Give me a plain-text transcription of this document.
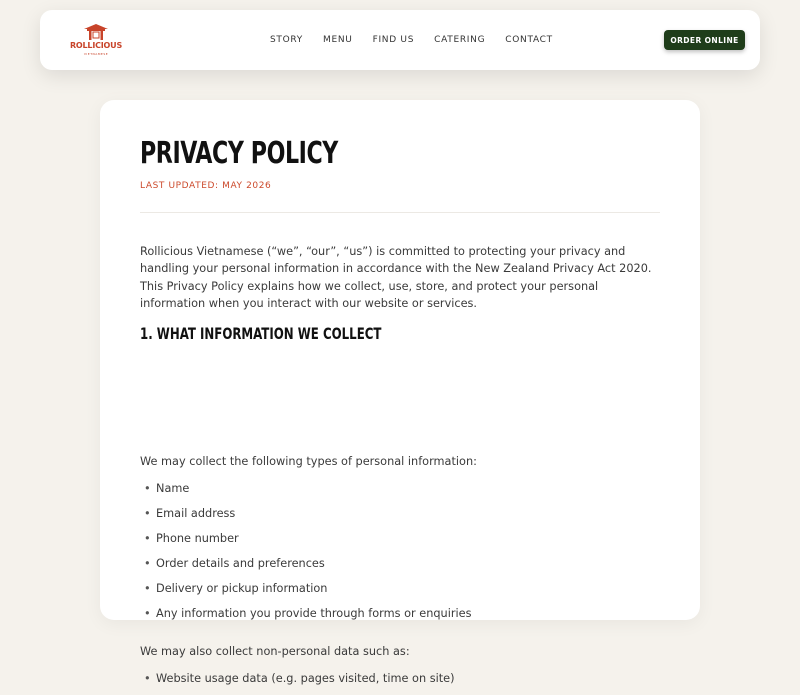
ROLLICIOUS
VIETNAMESE
STORY MENU FIND US CATERING CONTACT	ORDER ONLINE
PRIVACY POLICY
LAST UPDATED: MAY 2026

Rollicious Vietnamese (“we”, “our”, “us”) is committed to protecting your privacy and handling your personal information in accordance with the New Zealand Privacy Act 2020. This Privacy Policy explains how we collect, use, store, and protect your personal information when you interact with our website or services.

1. WHAT INFORMATION WE COLLECT

We may collect the following types of personal information:

• Name
• Email address
• Phone number
• Order details and preferences
• Delivery or pickup information
• Any information you provide through forms or enquiries

We may also collect non-personal data such as:

• Website usage data (e.g. pages visited, time on site)
